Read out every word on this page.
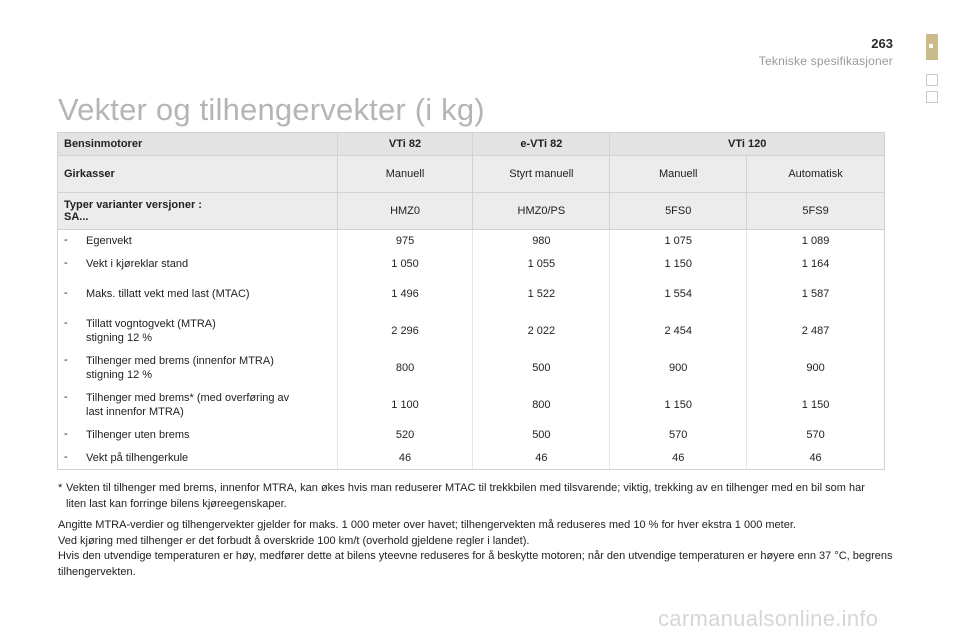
263
Tekniske spesifikasjoner
Vekter og tilhengervekter (i kg)
Bensinmotorer	VTi 82	e-VTi 82	VTi 120	
Girkasser	Manuell	Styrt manuell	Manuell	Automatisk

Typer varianter versjoner :
SA...	HMZ0	HMZ0/PS	5FS0	5FS9

- Egenvekt	975	980	1 075	1 089

- Vekt i kjøreklar stand	1 050	1 055	1 150	1 164

- Maks. tillatt vekt med last (MTAC)	1 496	1 522	1 554	1 587

- Tillatt vogntogvekt (MTRA)
stigning 12 %	2 296	2 022	2 454	2 487

- Tilhenger med brems (innenfor MTRA)
stigning 12 %	800	500	900	900

- Tilhenger med brems* (med overføring av
last innenfor MTRA)	1 100	800	1 150	1 150

- Tilhenger uten brems	520	500	570	570

- Vekt på tilhengerkule	46	46	46	46
* Vekten til tilhenger med brems, innenfor MTRA, kan økes hvis man reduserer MTAC til trekkbilen med tilsvarende; viktig, trekking av en tilhenger med en bil som har liten last kan forringe bilens kjøreegenskaper.

Angitte MTRA-verdier og tilhengervekter gjelder for maks. 1 000 meter over havet; tilhengervekten må reduseres med 10 % for hver ekstra 1 000 meter.

Ved kjøring med tilhenger er det forbudt å overskride 100 km/t (overhold gjeldene regler i landet).

Hvis den utvendige temperaturen er høy, medfører dette at bilens yteevne reduseres for å beskytte motoren; når den utvendige temperaturen er høyere enn 37 °C, begrens tilhengervekten.

carmanualsonline.info
